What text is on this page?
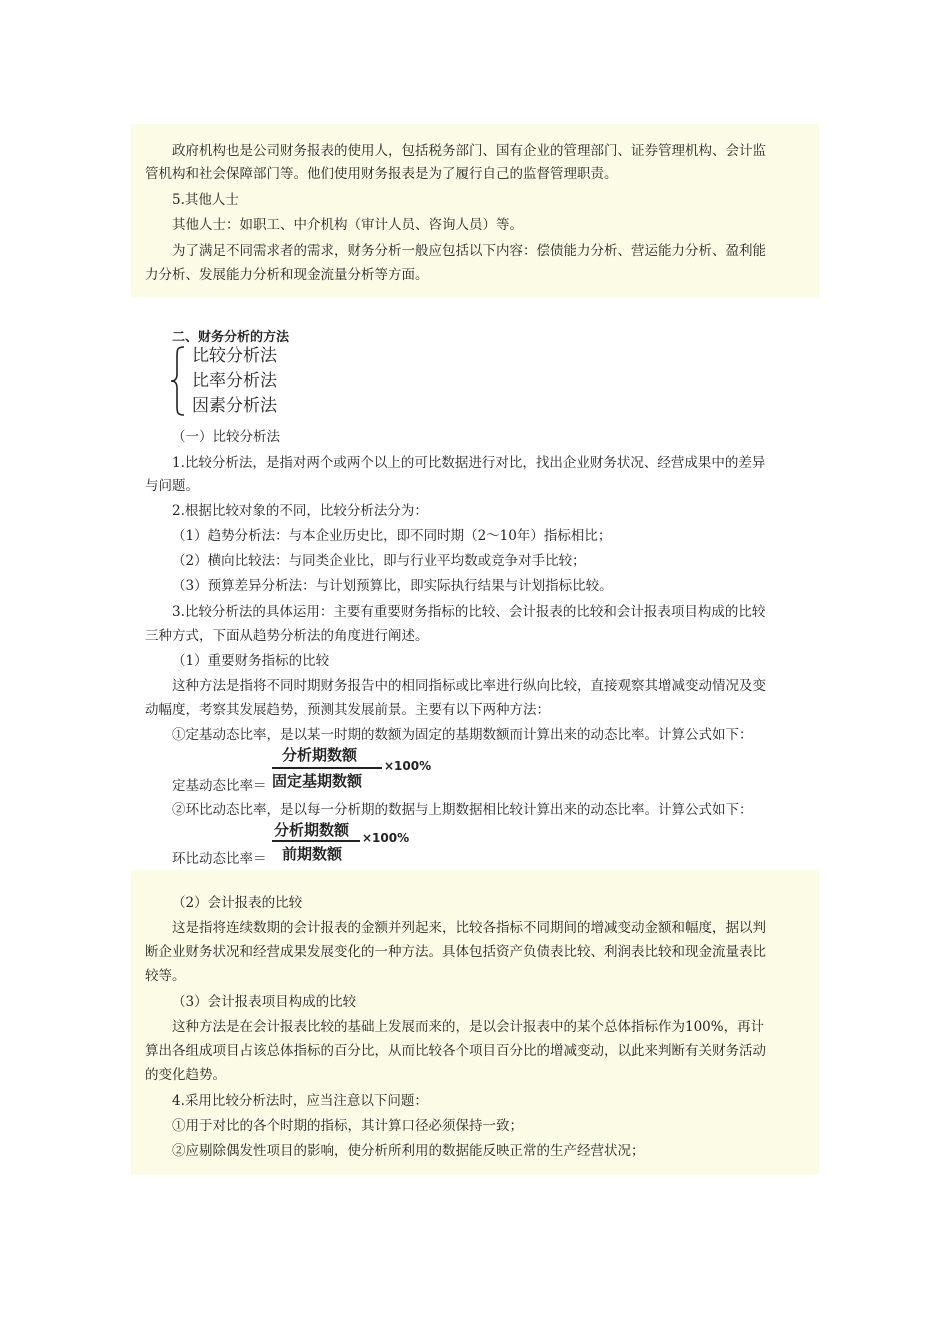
政府机构也是公司财务报表的使用人，包括税务部门、国有企业的管理部门、证券管理机构、会计监
管机构和社会保障部门等。他们使用财务报表是为了履行自己的监督管理职责。
5.其他人士
其他人士：如职工、中介机构（审计人员、咨询人员）等。
为了满足不同需求者的需求，财务分析一般应包括以下内容：偿债能力分析、营运能力分析、盈利能
力分析、发展能力分析和现金流量分析等方面。
二、财务分析的方法
比较分析法
比率分析法
因素分析法
（一）比较分析法
1.比较分析法，是指对两个或两个以上的可比数据进行对比，找出企业财务状况、经营成果中的差异
与问题。
2.根据比较对象的不同，比较分析法分为：
（1）趋势分析法：与本企业历史比，即不同时期（2～10年）指标相比；
（2）横向比较法：与同类企业比，即与行业平均数或竞争对手比较；
（3）预算差异分析法：与计划预算比，即实际执行结果与计划指标比较。
3.比较分析法的具体运用：主要有重要财务指标的比较、会计报表的比较和会计报表项目构成的比较
三种方式，下面从趋势分析法的角度进行阐述。
（1）重要财务指标的比较
这种方法是指将不同时期财务报告中的相同指标或比率进行纵向比较，直接观察其增减变动情况及变
动幅度，考察其发展趋势，预测其发展前景。主要有以下两种方法：
①定基动态比率，是以某一时期的数额为固定的基期数额而计算出来的动态比率。计算公式如下：
定基动态比率＝
分析期数额
固定基期数额
×100%
②环比动态比率，是以每一分析期的数据与上期数据相比较计算出来的动态比率。计算公式如下：
环比动态比率＝
分析期数额
前期数额
×100%
（2）会计报表的比较
这是指将连续数期的会计报表的金额并列起来，比较各指标不同期间的增减变动金额和幅度，据以判
断企业财务状况和经营成果发展变化的一种方法。具体包括资产负债表比较、利润表比较和现金流量表比
较等。
（3）会计报表项目构成的比较
这种方法是在会计报表比较的基础上发展而来的，是以会计报表中的某个总体指标作为100%，再计
算出各组成项目占该总体指标的百分比，从而比较各个项目百分比的增减变动，以此来判断有关财务活动
的变化趋势。
4.采用比较分析法时，应当注意以下问题：
①用于对比的各个时期的指标，其计算口径必须保持一致；
②应剔除偶发性项目的影响，使分析所利用的数据能反映正常的生产经营状况；
